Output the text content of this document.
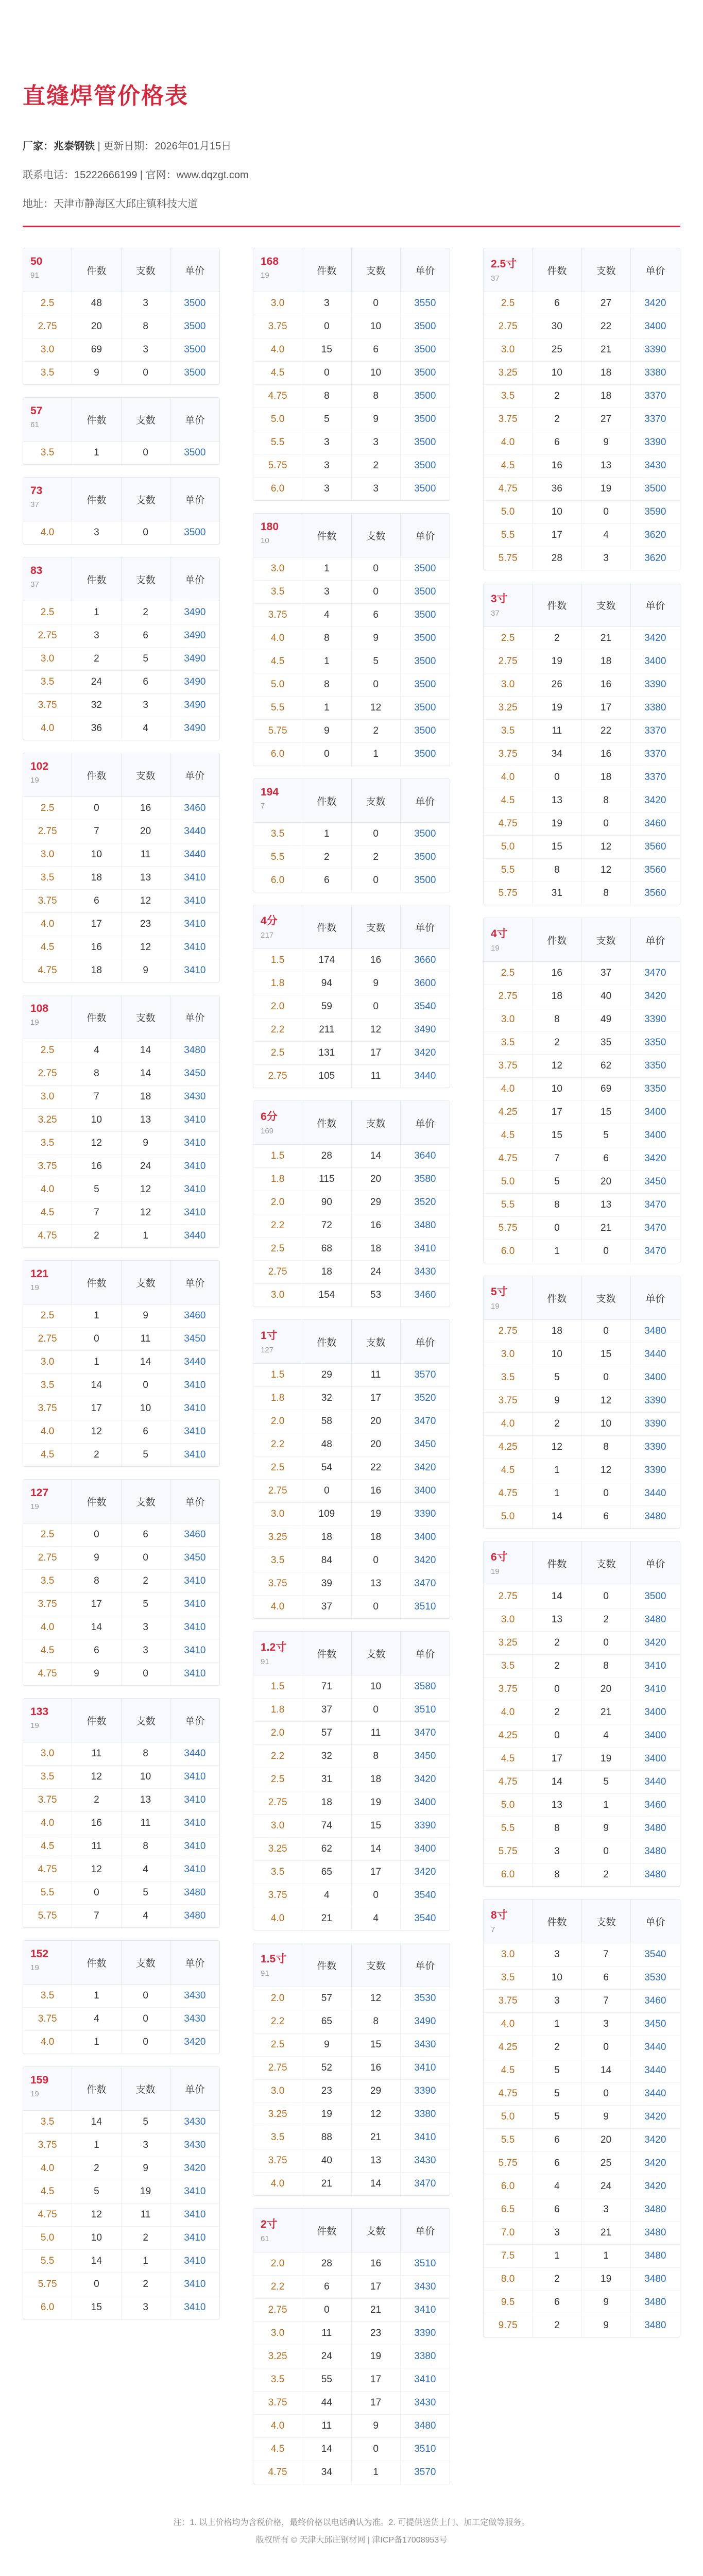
直缝焊管价格表
厂家：兆泰钢铁 | 更新日期：2026年01月15日
联系电话：15222666199 | 官网：www.dqzgt.com
地址：天津市静海区大邱庄镇科技大道
50
91	件数	支数	单价
2.5	48	3	3500
2.75	20	8	3500
3.0	69	3	3500
3.5	9	0	3500
57
61	件数	支数	单价
3.5	1	0	3500
73
37	件数	支数	单价
4.0	3	0	3500
83
37	件数	支数	单价
2.5	1	2	3490
2.75	3	6	3490
3.0	2	5	3490
3.5	24	6	3490
3.75	32	3	3490
4.0	36	4	3490
102
19	件数	支数	单价
2.5	0	16	3460
2.75	7	20	3440
3.0	10	11	3440
3.5	18	13	3410
3.75	6	12	3410
4.0	17	23	3410
4.5	16	12	3410
4.75	18	9	3410
108
19	件数	支数	单价
2.5	4	14	3480
2.75	8	14	3450
3.0	7	18	3430
3.25	10	13	3410
3.5	12	9	3410
3.75	16	24	3410
4.0	5	12	3410
4.5	7	12	3410
4.75	2	1	3440
121
19	件数	支数	单价
2.5	1	9	3460
2.75	0	11	3450
3.0	1	14	3440
3.5	14	0	3410
3.75	17	10	3410
4.0	12	6	3410
4.5	2	5	3410
127
19	件数	支数	单价
2.5	0	6	3460
2.75	9	0	3450
3.5	8	2	3410
3.75	17	5	3410
4.0	14	3	3410
4.5	6	3	3410
4.75	9	0	3410
133
19	件数	支数	单价
3.0	11	8	3440
3.5	12	10	3410
3.75	2	13	3410
4.0	16	11	3410
4.5	11	8	3410
4.75	12	4	3410
5.5	0	5	3480
5.75	7	4	3480
152
19	件数	支数	单价
3.5	1	0	3430
3.75	4	0	3430
4.0	1	0	3420
159
19	件数	支数	单价
3.5	14	5	3430
3.75	1	3	3430
4.0	2	9	3420
4.5	5	19	3410
4.75	12	11	3410
5.0	10	2	3410
5.5	14	1	3410
5.75	0	2	3410
6.0	15	3	3410
168
19	件数	支数	单价
3.0	3	0	3550
3.75	0	10	3500
4.0	15	6	3500
4.5	0	10	3500
4.75	8	8	3500
5.0	5	9	3500
5.5	3	3	3500
5.75	3	2	3500
6.0	3	3	3500
180
10	件数	支数	单价
3.0	1	0	3500
3.5	3	0	3500
3.75	4	6	3500
4.0	8	9	3500
4.5	1	5	3500
5.0	8	0	3500
5.5	1	12	3500
5.75	9	2	3500
6.0	0	1	3500
194
7	件数	支数	单价
3.5	1	0	3500
5.5	2	2	3500
6.0	6	0	3500
4分
217
件数	支数	单价
1.5	174	16	3660
1.8	94	9	3600
2.0	59	0	3540
2.2	211	12	3490
2.5	131	17	3420
2.75	105	11	3440
6分
169
件数	支数	单价
1.5	28	14	3640
1.8	115	20	3580
2.0	90	29	3520
2.2	72	16	3480
2.5	68	18	3410
2.75	18	24	3430
3.0	154	53	3460
1寸
127
件数	支数	单价
1.5	29	11	3570
1.8	32	17	3520
2.0	58	20	3470
2.2	48	20	3450
2.5	54	22	3420
2.75	0	16	3400
3.0	109	19	3390
3.25	18	18	3400
3.5	84	0	3420
3.75	39	13	3470
4.0	37	0	3510
1.2寸
91
件数	支数	单价
1.5	71	10	3580
1.8	37	0	3510
2.0	57	11	3470
2.2	32	8	3450
2.5	31	18	3420
2.75	18	19	3400
3.0	74	15	3390
3.25	62	14	3400
3.5	65	17	3420
3.75	4	0	3540
4.0	21	4	3540
1.5寸
91
件数	支数	单价
2.0	57	12	3530
2.2	65	8	3490
2.5	9	15	3430
2.75	52	16	3410
3.0	23	29	3390
3.25	19	12	3380
3.5	88	21	3410
3.75	40	13	3430
4.0	21	14	3470
2寸
61
件数	支数	单价
2.0	28	16	3510
2.2	6	17	3430
2.75	0	21	3410
3.0	11	23	3390
3.25	24	19	3380
3.5	55	17	3410
3.75	44	17	3430
4.0	11	9	3480
4.5	14	0	3510
4.75	34	1	3570
2.5寸
37
件数	支数	单价
2.5	6	27	3420
2.75	30	22	3400
3.0	25	21	3390
3.25	10	18	3380
3.5	2	18	3370
3.75	2	27	3370
4.0	6	9	3390
4.5	16	13	3430
4.75	36	19	3500
5.0	10	0	3590
5.5	17	4	3620
5.75	28	3	3620
3寸
37
件数	支数	单价
2.5	2	21	3420
2.75	19	18	3400
3.0	26	16	3390
3.25	19	17	3380
3.5	11	22	3370
3.75	34	16	3370
4.0	0	18	3370
4.5	13	8	3420
4.75	19	0	3460
5.0	15	12	3560
5.5	8	12	3560
5.75	31	8	3560
4寸
19
件数	支数	单价
2.5	16	37	3470
2.75	18	40	3420
3.0	8	49	3390
3.5	2	35	3350
3.75	12	62	3350
4.0	10	69	3350
4.25	17	15	3400
4.5	15	5	3400
4.75	7	6	3420
5.0	5	20	3450
5.5	8	13	3470
5.75	0	21	3470
6.0	1	0	3470
5寸
19
件数	支数	单价
2.75	18	0	3480
3.0	10	15	3440
3.5	5	0	3400
3.75	9	12	3390
4.0	2	10	3390
4.25	12	8	3390
4.5	1	12	3390
4.75	1	0	3440
5.0	14	6	3480
6寸
19
件数	支数	单价
2.75	14	0	3500
3.0	13	2	3480
3.25	2	0	3420
3.5	2	8	3410
3.75	0	20	3410
4.0	2	21	3400
4.25	0	4	3400
4.5	17	19	3400
4.75	14	5	3440
5.0	13	1	3460
5.5	8	9	3480
5.75	3	0	3480
6.0	8	2	3480
8寸
7
件数	支数	单价
3.0	3	7	3540
3.5	10	6	3530
3.75	3	7	3460
4.0	1	3	3450
4.25	2	0	3440
4.5	5	14	3440
4.75	5	0	3440
5.0	5	9	3420
5.5	6	20	3420
5.75	6	25	3420
6.0	4	24	3420
6.5	6	3	3480
7.0	3	21	3480
7.5	1	1	3480
8.0	2	19	3480
9.5	6	9	3480
9.75	2	9	3480
注：1. 以上价格均为含税价格，最终价格以电话确认为准。2. 可提供送货上门、加工定做等服务。
版权所有 © 天津大邱庄钢材网 | 津ICP备17008953号
